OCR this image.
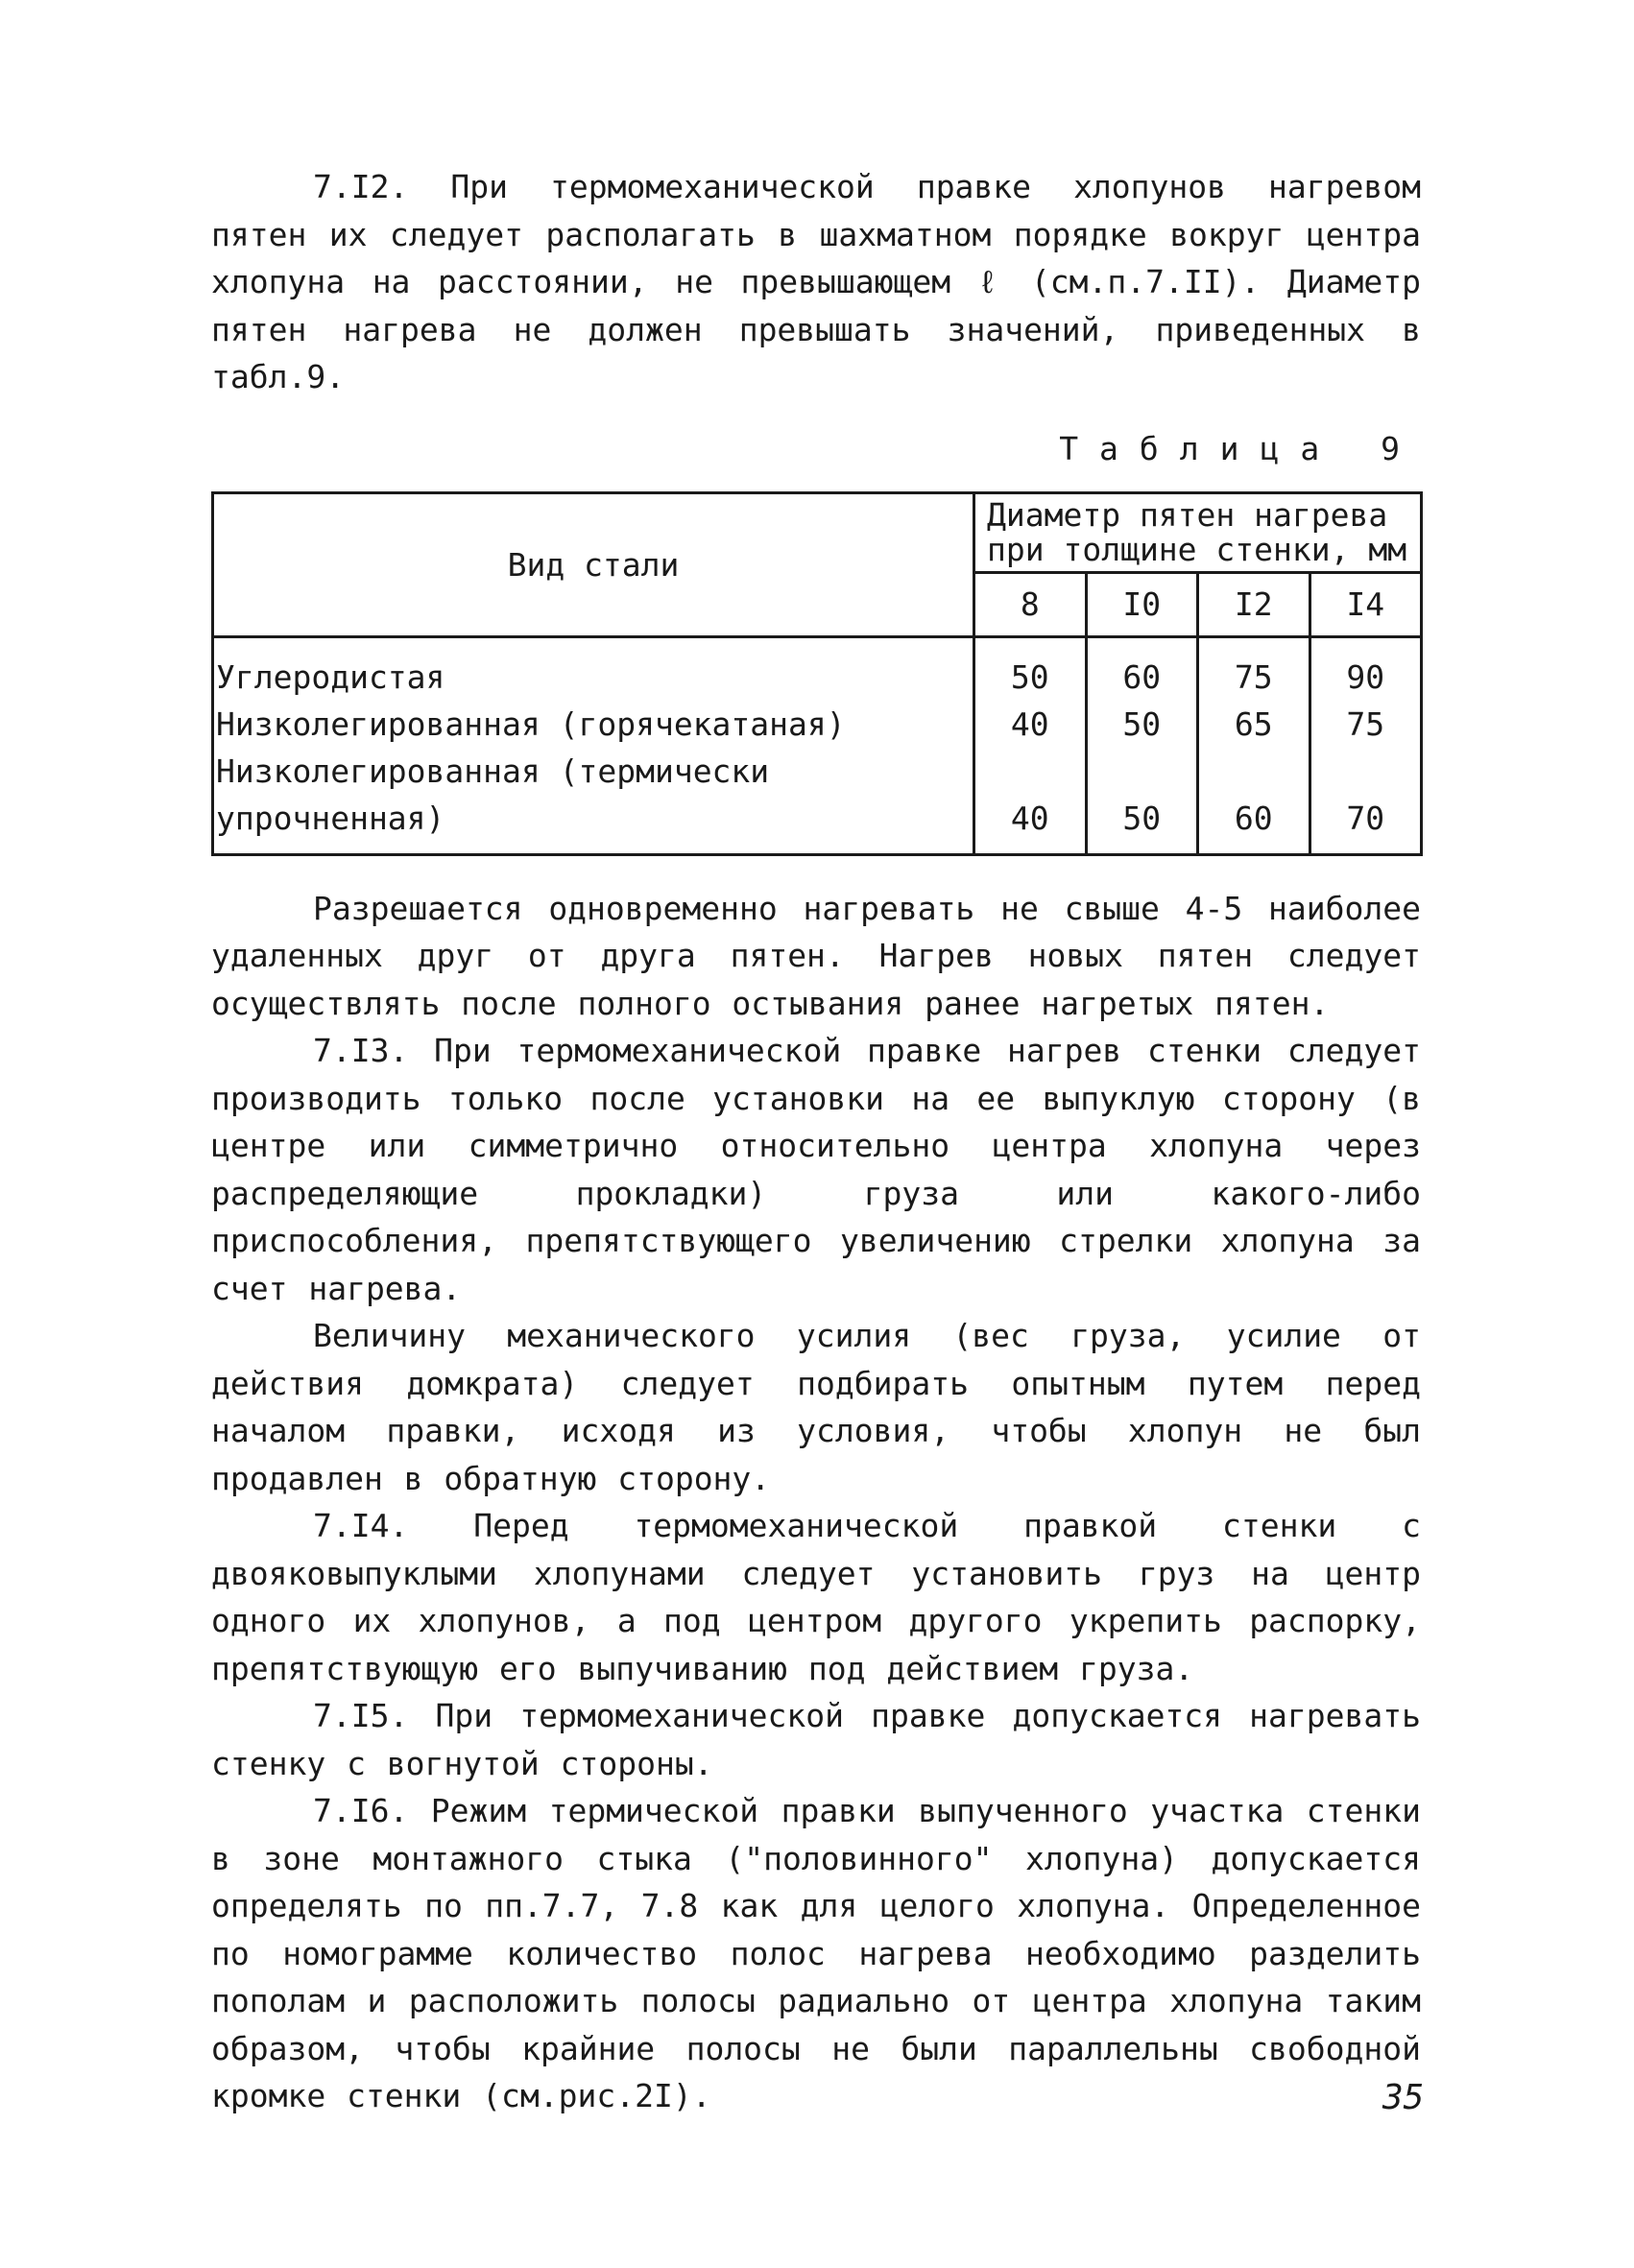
7.I2. При термомеханической правке хлопунов нагревом пятен их следует располагать в шахматном порядке вокруг центра хлопуна на расстоянии, не превышающем ℓ (см.п.7.II). Диаметр пятен нагрева не должен превышать значений, приведенных в табл.9.

Таблица 9
Вид стали	Диаметр пятен нагрева при толщине стенки, мм			
	8	I0	I2	I4
Углеродистая	50	60	75	90
Низколегированная (горячекатаная)	40	50	65	75
Низколегированная (термически упрочненная)	40	50	60	70

Разрешается одновременно нагревать не свыше 4-5 наиболее удаленных друг от друга пятен. Нагрев новых пятен следует осуществлять после полного остывания ранее нагретых пятен.

7.I3. При термомеханической правке нагрев стенки следует производить только после установки на ее выпуклую сторону (в центре или симметрично относительно центра хлопуна через распределяющие прокладки) груза или какого-либо приспособления, препятствующего увеличению стрелки хлопуна за счет нагрева.

Величину механического усилия (вес груза, усилие от действия домкрата) следует подбирать опытным путем перед началом правки, исходя из условия, чтобы хлопун не был продавлен в обратную сторону.

7.I4. Перед термомеханической правкой стенки с двояковыпуклыми хлопунами следует установить груз на центр одного их хлопунов, а под центром другого укрепить распорку, препятствующую его выпучиванию под действием груза.

7.I5. При термомеханической правке допускается нагревать стенку с вогнутой стороны.

7.I6. Режим термической правки выпученного участка стенки в зоне монтажного стыка ("половинного" хлопуна) допускается определять по пп.7.7, 7.8 как для целого хлопуна. Определенное по номограмме количество полос нагрева необходимо разделить пополам и расположить полосы радиально от центра хлопуна таким образом, чтобы крайние полосы не были параллельны свободной кромке стенки (см.рис.2I).	35
